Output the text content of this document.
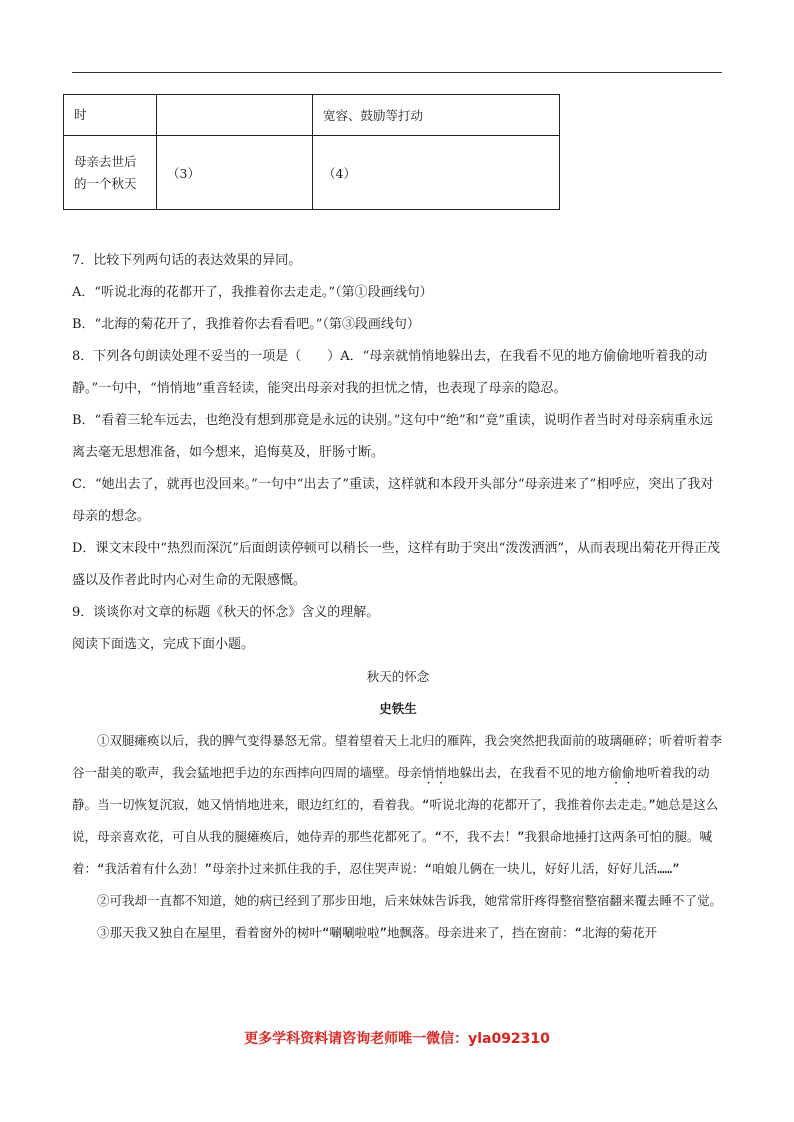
时		宽容、鼓励等打动
母亲去世后
的一个秋天	（3）	（4）

7．比较下列两句话的表达效果的异同。

A．“听说北海的花都开了，我推着你去走走。”（第①段画线句）

B．“北海的菊花开了，我推着你去看看吧。”（第③段画线句）

8．下列各句朗读处理不妥当的一项是（　　）A．“母亲就悄悄地躲出去，在我看不见的地方偷偷地听着我的动静。”一句中，“悄悄地”重音轻读，能突出母亲对我的担忧之情，也表现了母亲的隐忍。

B．“看着三轮车远去，也绝没有想到那竟是永远的诀别。”这句中“绝”和“竟”重读，说明作者当时对母亲病重永远离去毫无思想准备，如今想来，追悔莫及，肝肠寸断。

C．“她出去了，就再也没回来。”一句中“出去了”重读，这样就和本段开头部分“母亲进来了”相呼应，突出了我对母亲的想念。

D．课文末段中“热烈而深沉”后面朗读停顿可以稍长一些，这样有助于突出“泼泼洒洒”，从而表现出菊花开得正茂盛以及作者此时内心对生命的无限感慨。

9．谈谈你对文章的标题《秋天的怀念》含义的理解。

阅读下面选文，完成下面小题。

秋天的怀念

史铁生

①双腿瘫痪以后，我的脾气变得暴怒无常。望着望着天上北归的雁阵，我会突然把我面前的玻璃砸碎；听着听着李谷一甜美的歌声，我会猛地把手边的东西摔向四周的墙壁。母亲悄悄地躲出去，在我看不见的地方偷偷地听着我的动静。当一切恢复沉寂，她又悄悄地进来，眼边红红的，看着我。“听说北海的花都开了，我推着你去走走。”她总是这么说，母亲喜欢花，可自从我的腿瘫痪后，她侍弄的那些花都死了。“不，我不去！”我狠命地捶打这两条可怕的腿。喊着：“我活着有什么劲！”母亲扑过来抓住我的手，忍住哭声说：“咱娘儿俩在一块儿，好好儿活，好好儿活……”

②可我却一直都不知道，她的病已经到了那步田地，后来妹妹告诉我，她常常肝疼得整宿整宿翻来覆去睡不了觉。

③那天我又独自在屋里，看着窗外的树叶“唰唰啦啦”地飘落。母亲进来了，挡在窗前：“北海的菊花开

更多学科资料请咨询老师唯一微信：yla092310
